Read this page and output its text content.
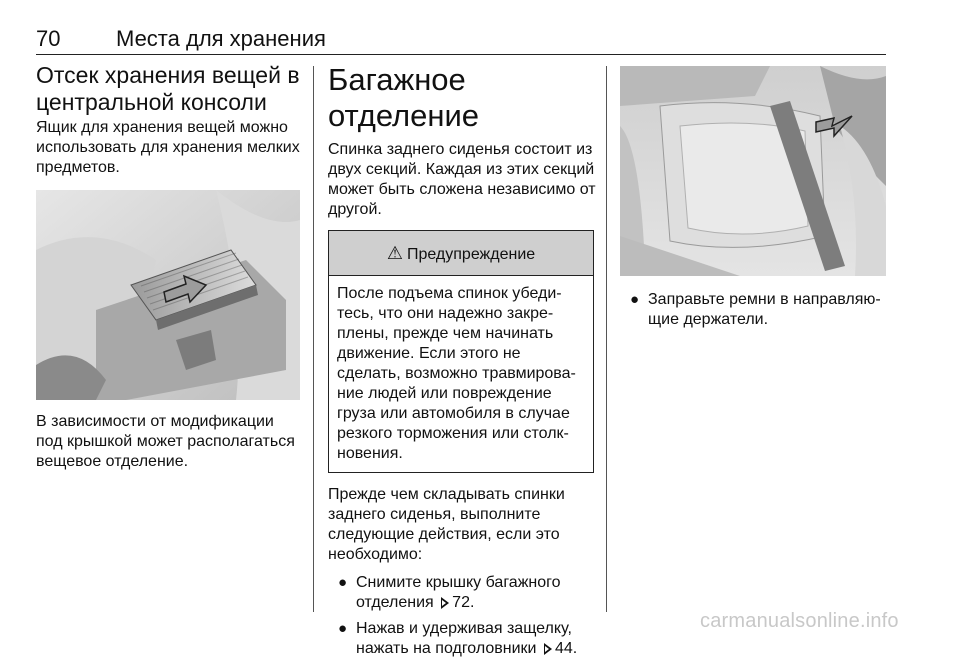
70	Места для хранения
Отсек хранения вещей в центральной консоли

Ящик для хранения вещей можно использовать для хранения мелких предметов.

В зависимости от модификации под крышкой может располагаться вещевое отделение.

Багажное отделение

Спинка заднего сиденья состоит из двух секций. Каждая из этих секций может быть сложена независимо от другой.

⚠ Предупреждение

После подъема спинок убеди-тесь, что они надежно закре-плены, прежде чем начинать движение. Если этого не сделать, возможно травмирова-ние людей или повреждение груза или автомобиля в случае резкого торможения или столк-новения.

Прежде чем складывать спинки заднего сиденья, выполните следующие действия, если это необходимо:

● Снимите крышку багажного отделения 72.
● Нажав и удерживая защелку, нажать на подголовники 44.
● Заправьте ремни в направляю-щие держатели.
carmanualsonline.info
